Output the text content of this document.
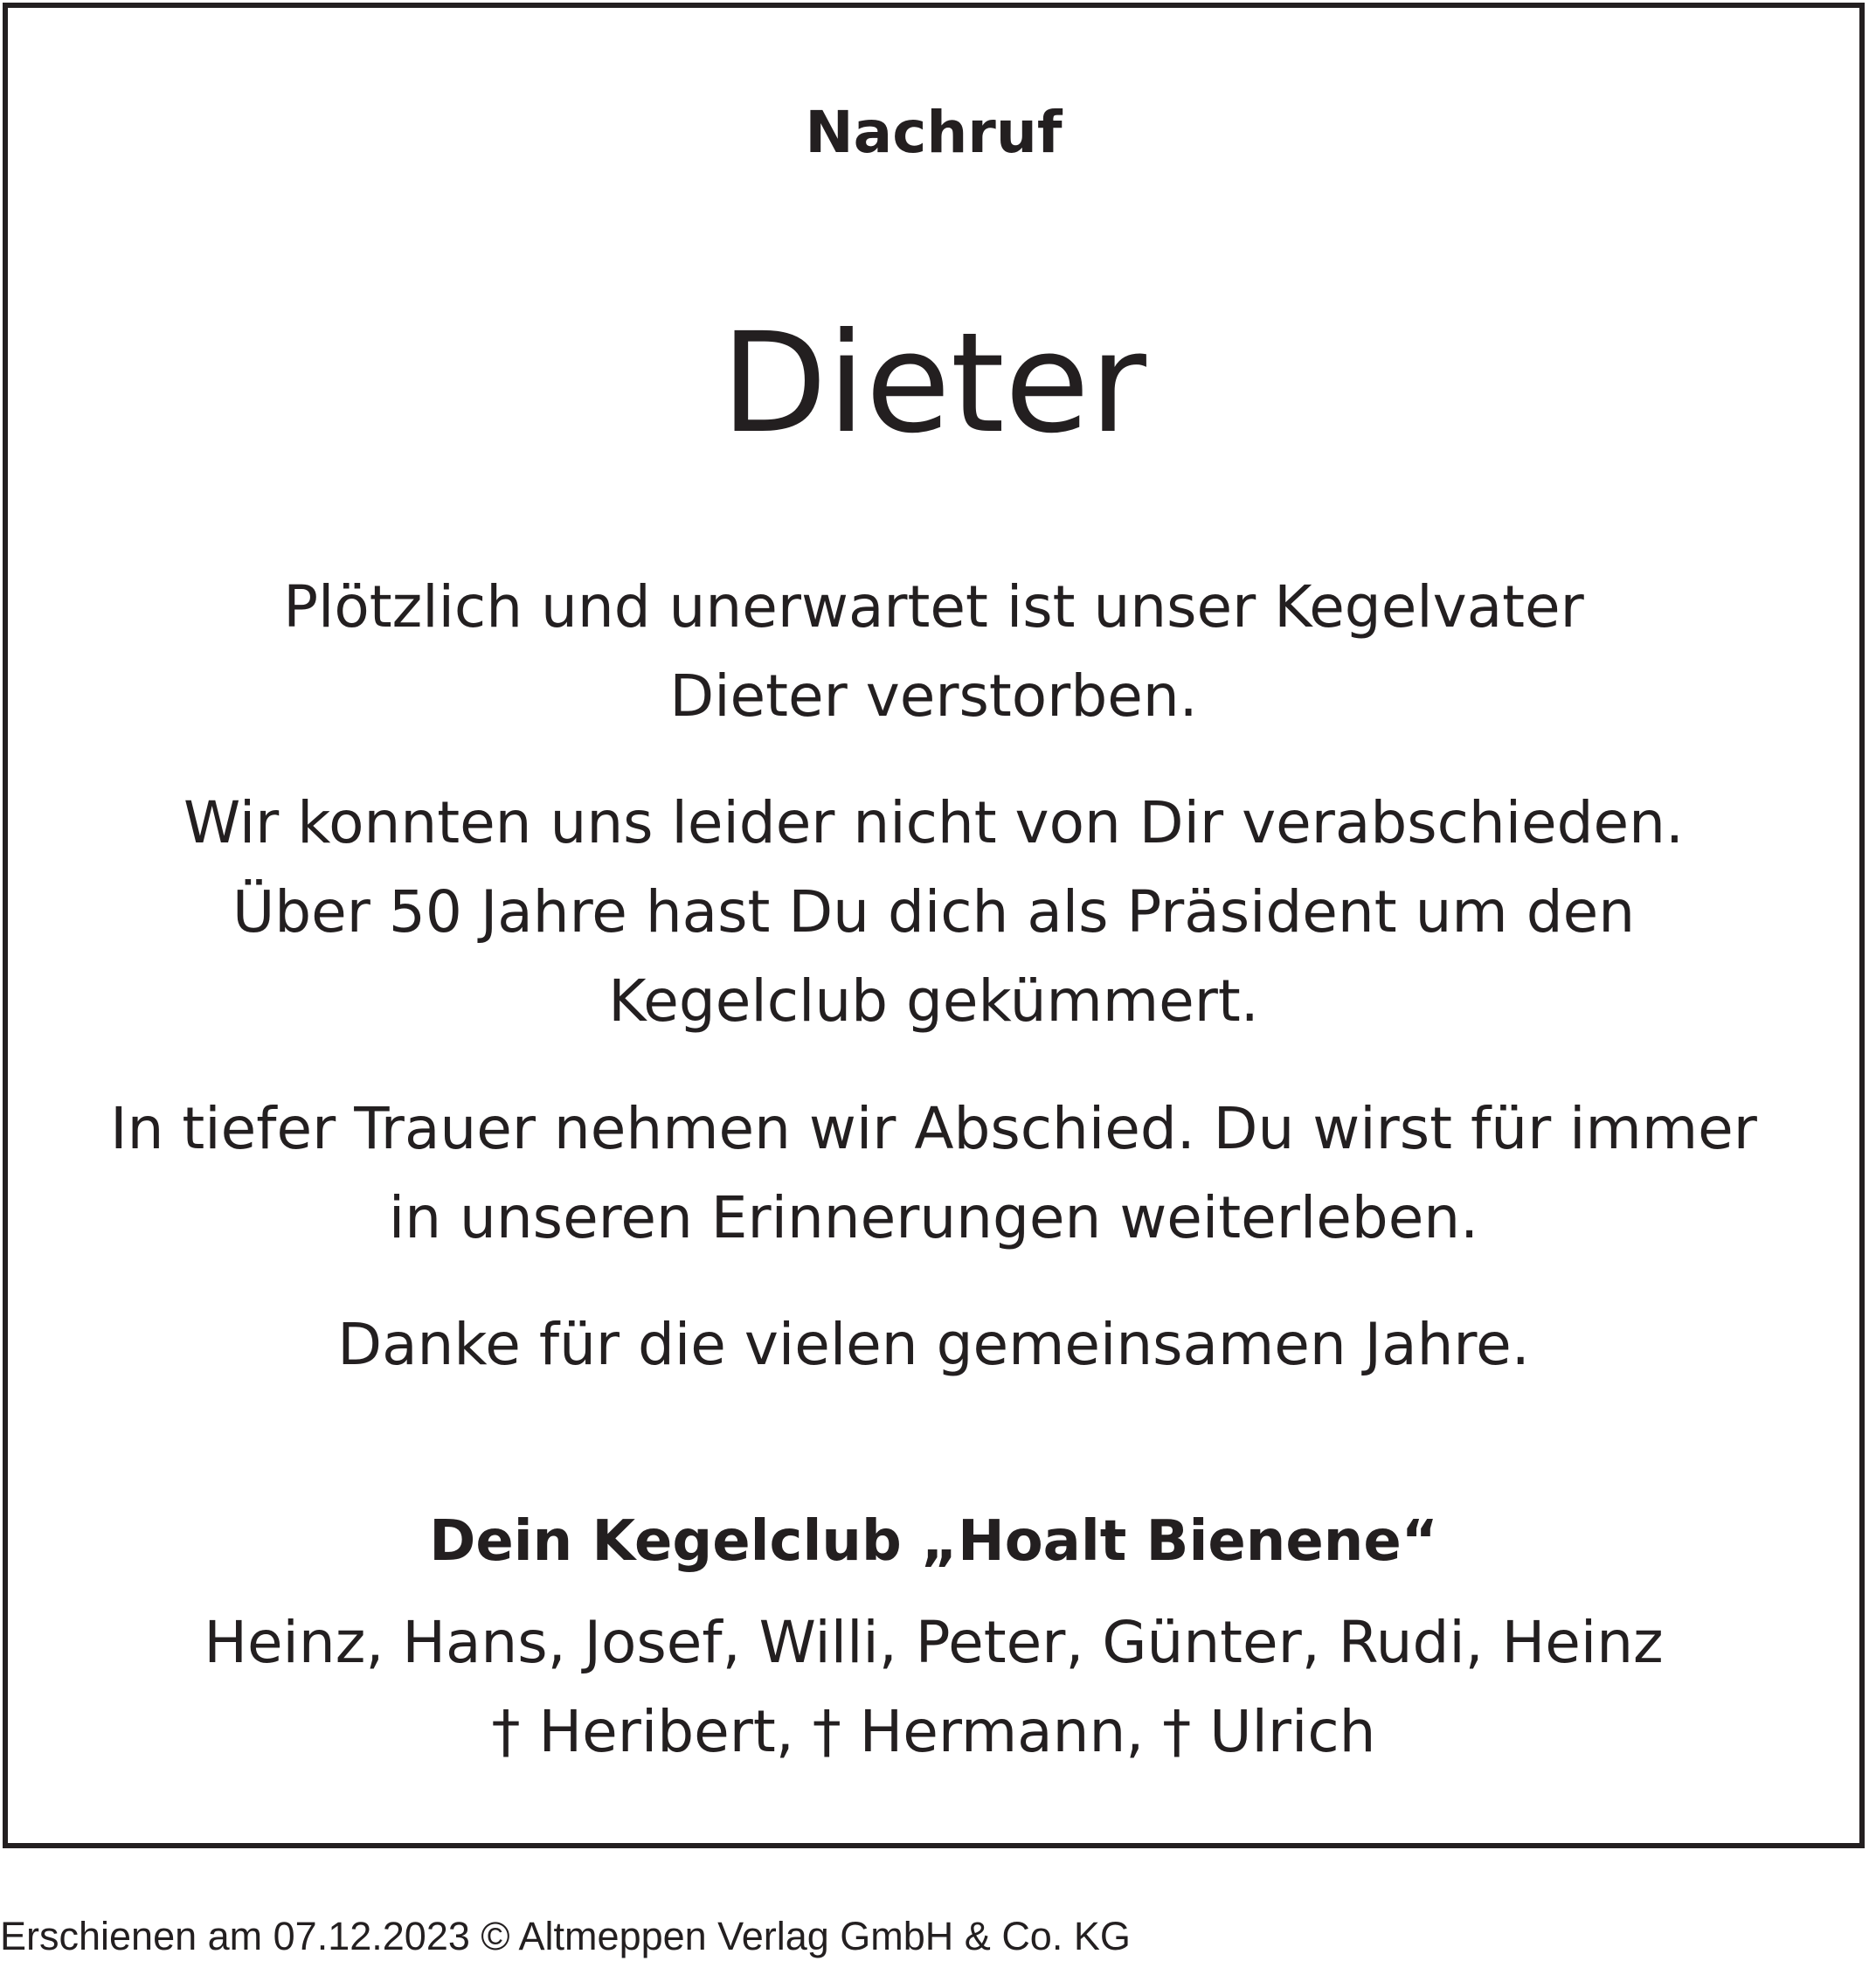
Nachruf
Dieter
Plötzlich und unerwartet ist unser Kegelvater
Dieter verstorben.
Wir konnten uns leider nicht von Dir verabschieden.
Über 50 Jahre hast Du dich als Präsident um den
Kegelclub gekümmert.
In tiefer Trauer nehmen wir Abschied. Du wirst für immer
in unseren Erinnerungen weiterleben.
Danke für die vielen gemeinsamen Jahre.
Dein Kegelclub „Hoalt Bienene“
Heinz, Hans, Josef, Willi, Peter, Günter, Rudi, Heinz
† Heribert, † Hermann, † Ulrich
Erschienen am 07.12.2023 © Altmeppen Verlag GmbH & Co. KG
